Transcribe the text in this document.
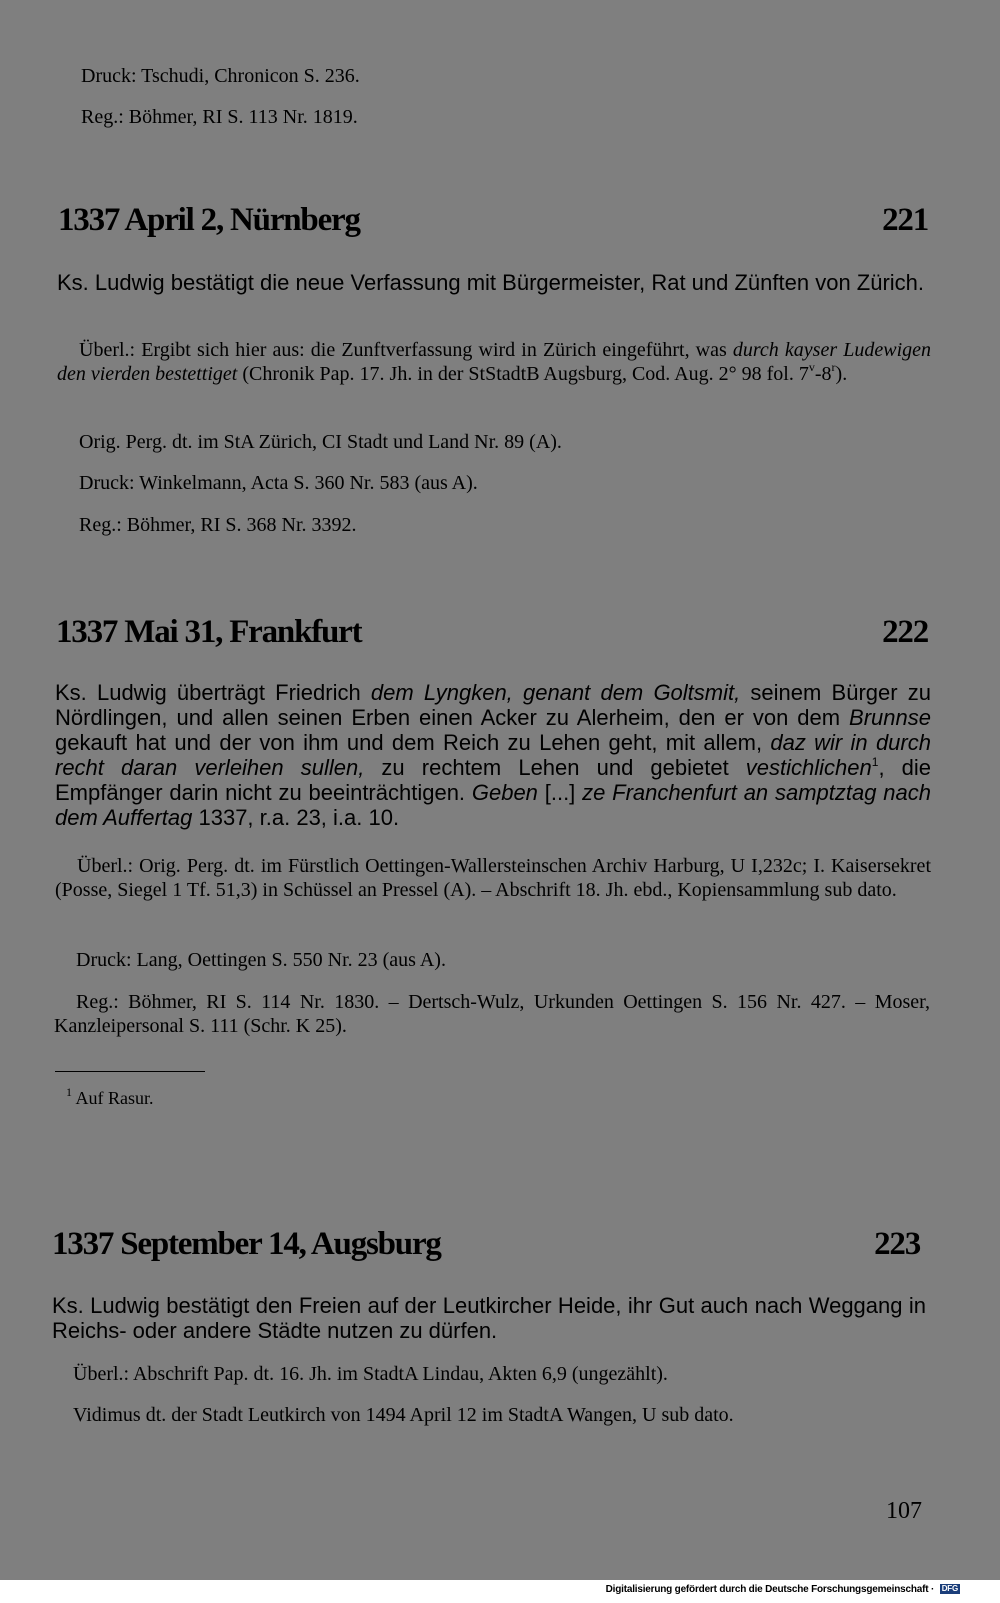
Druck: Tschudi, Chronicon S. 236.

Reg.: Böhmer, RI S. 113 Nr. 1819.

1337 April 2, Nürnberg	221

Ks. Ludwig bestätigt die neue Verfassung mit Bürgermeister, Rat und Zünften von Zürich.

Überl.: Ergibt sich hier aus: die Zunftverfassung wird in Zürich eingeführt, was durch kayser Ludewigen den vierden bestettiget (Chronik Pap. 17. Jh. in der StStadtB Augsburg, Cod. Aug. 2° 98 fol. 7$^v$-8$^r$).

Orig. Perg. dt. im StA Zürich, CI Stadt und Land Nr. 89 (A).

Druck: Winkelmann, Acta S. 360 Nr. 583 (aus A).

Reg.: Böhmer, RI S. 368 Nr. 3392.

1337 Mai 31, Frankfurt	222

Ks. Ludwig überträgt Friedrich dem Lyngken, genant dem Goltsmit, seinem Bürger zu Nördlingen, und allen seinen Erben einen Acker zu Alerheim, den er von dem Brunnse gekauft hat und der von ihm und dem Reich zu Lehen geht, mit allem, daz wir in durch recht daran verleihen sullen, zu rechtem Lehen und gebietet vestichlichen$^1$, die Empfänger darin nicht zu beeinträchtigen. Geben [...] ze Franchenfurt an samptztag nach dem Auffertag 1337, r.a. 23, i.a. 10.

Überl.: Orig. Perg. dt. im Fürstlich Oettingen-Wallersteinschen Archiv Harburg, U I,232c; I. Kaisersekret (Posse, Siegel 1 Tf. 51,3) in Schüssel an Pressel (A). – Abschrift 18. Jh. ebd., Kopiensammlung sub dato.

Druck: Lang, Oettingen S. 550 Nr. 23 (aus A).

Reg.: Böhmer, RI S. 114 Nr. 1830. – Dertsch-Wulz, Urkunden Oettingen S. 156 Nr. 427. – Moser, Kanzleipersonal S. 111 (Schr. K 25).

$^1$ Auf Rasur.

1337 September 14, Augsburg	223

Ks. Ludwig bestätigt den Freien auf der Leutkircher Heide, ihr Gut auch nach Weggang in Reichs- oder andere Städte nutzen zu dürfen.

Überl.: Abschrift Pap. dt. 16. Jh. im StadtA Lindau, Akten 6,9 (ungezählt).

Vidimus dt. der Stadt Leutkirch von 1494 April 12 im StadtA Wangen, U sub dato.

107
Digitalisierung gefördert durch die Deutsche Forschungsgemeinschaft · DFG
